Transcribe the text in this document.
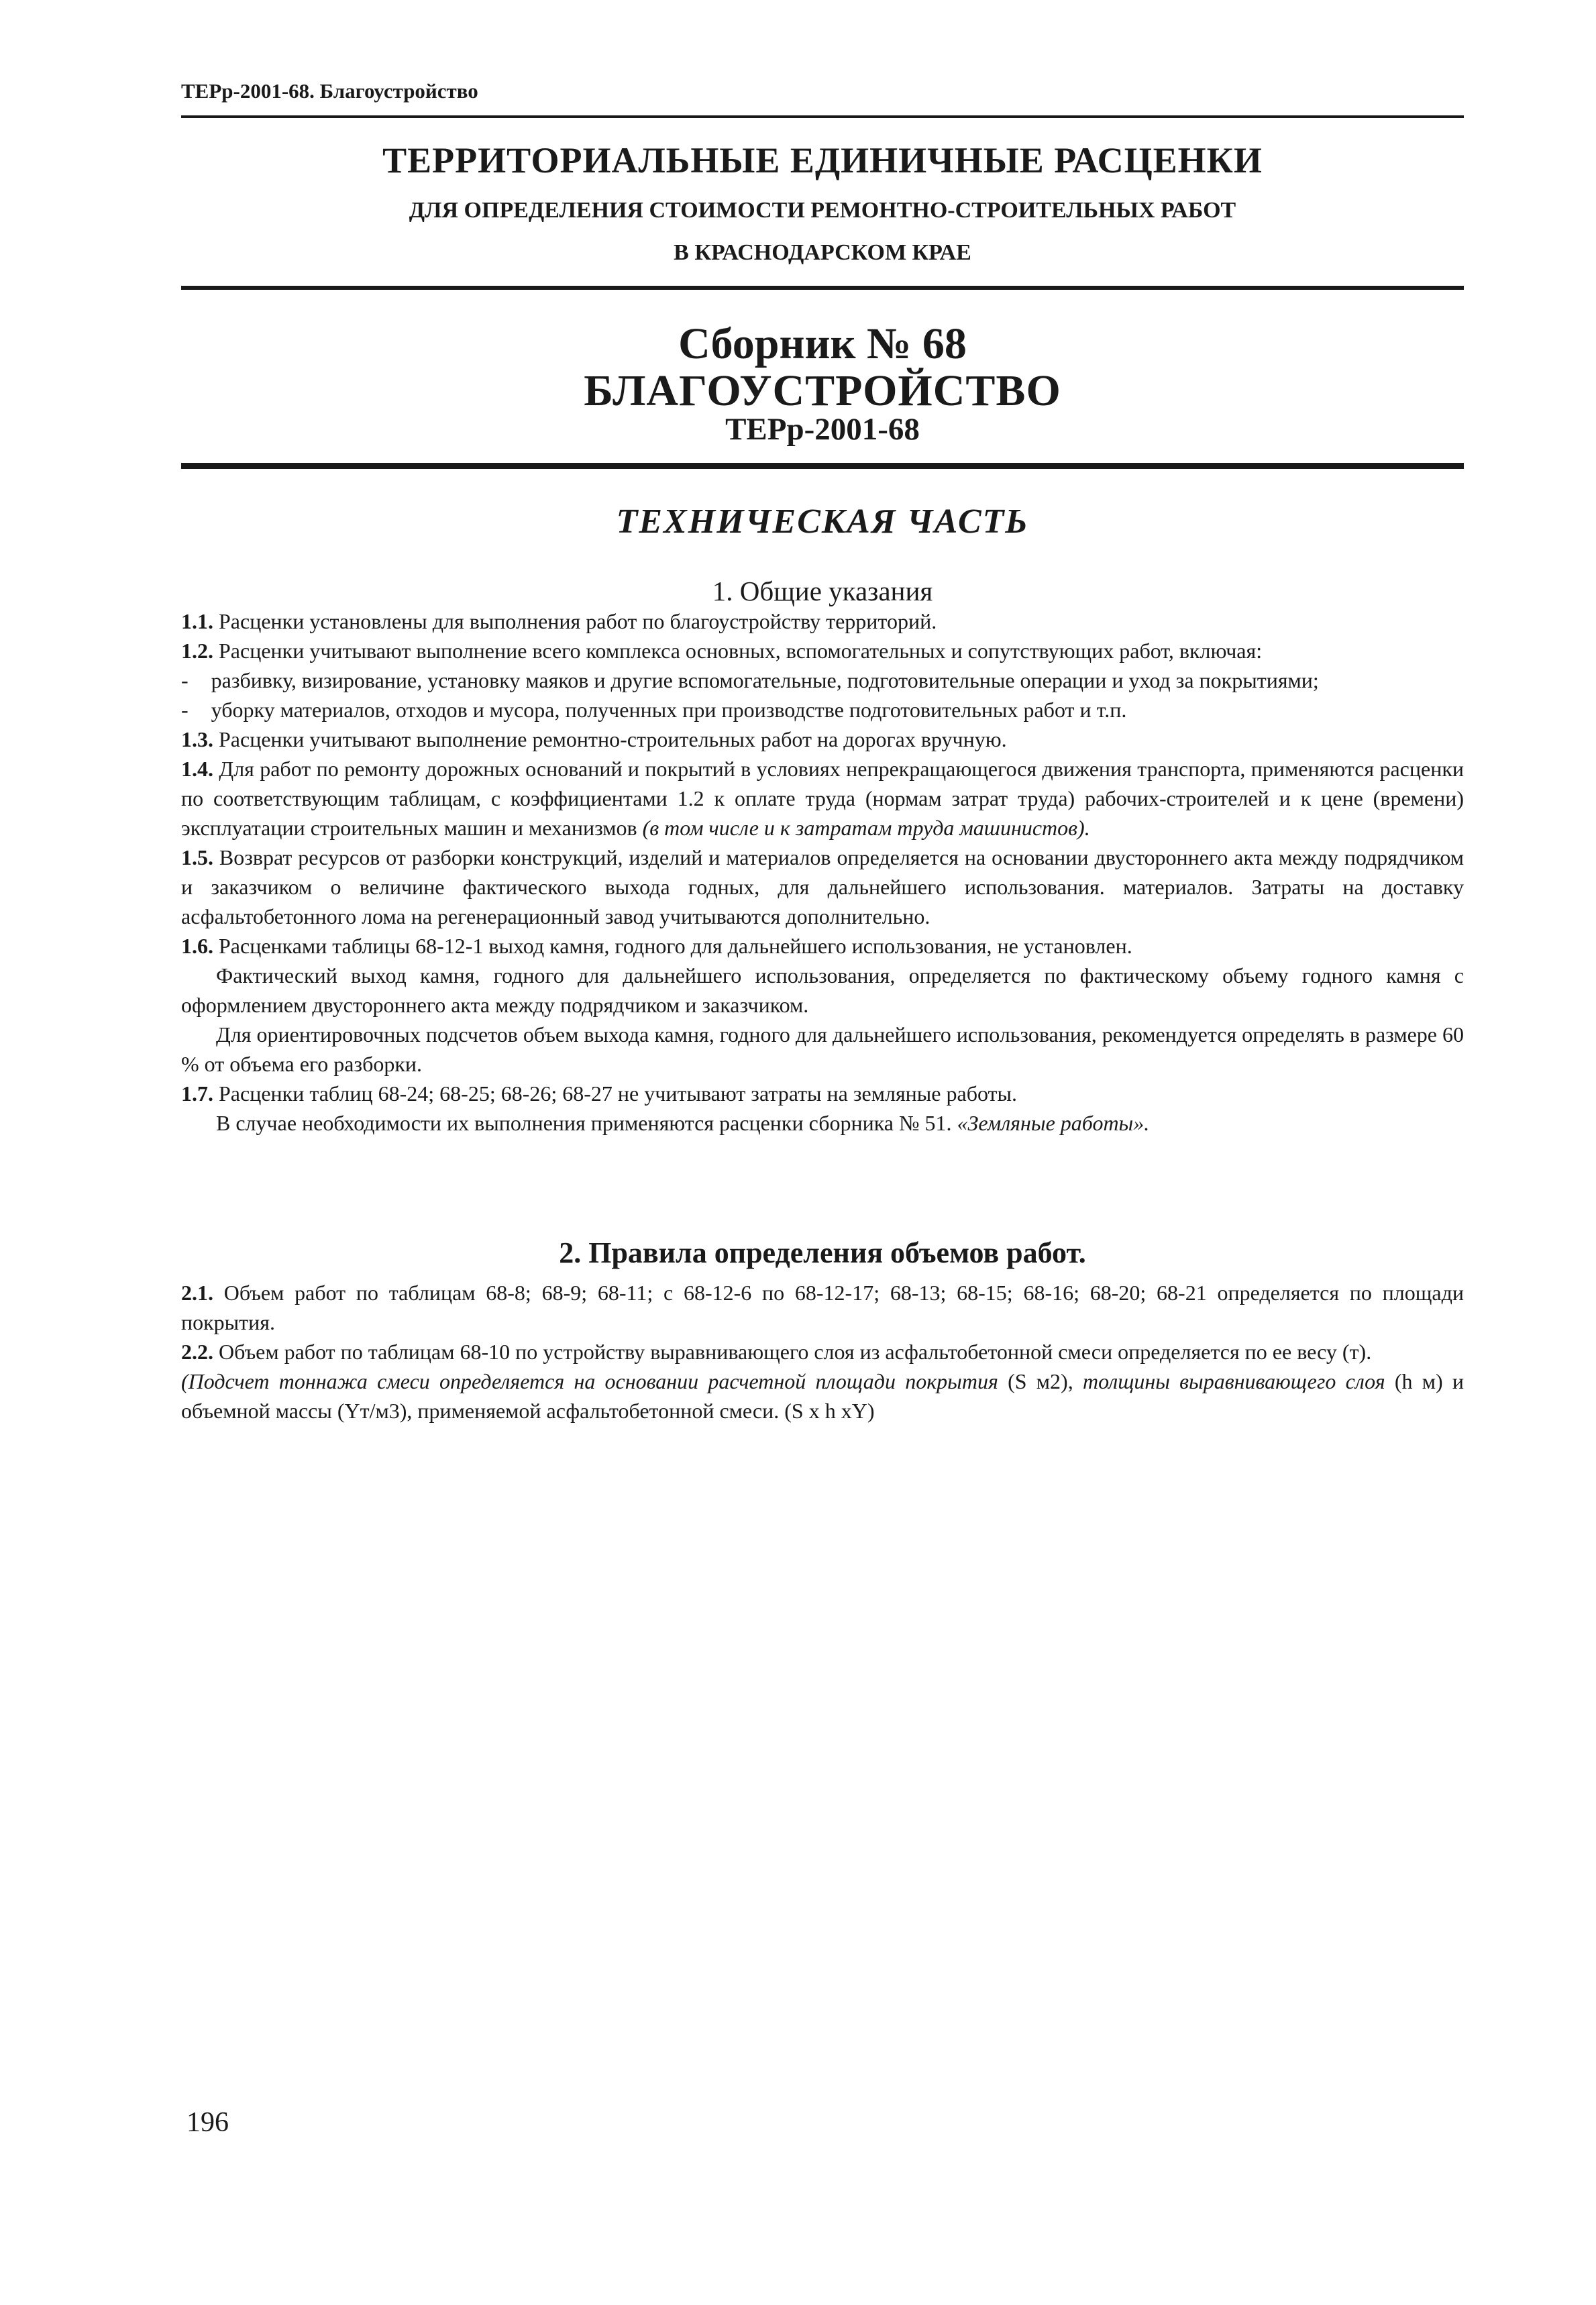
ТЕРр-2001-68. Благоустройство
ТЕРРИТОРИАЛЬНЫЕ ЕДИНИЧНЫЕ РАСЦЕНКИ
ДЛЯ ОПРЕДЕЛЕНИЯ СТОИМОСТИ РЕМОНТНО-СТРОИТЕЛЬНЫХ РАБОТ
В КРАСНОДАРСКОМ КРАЕ
Сборник № 68
БЛАГОУСТРОЙСТВО
ТЕРр-2001-68
ТЕХНИЧЕСКАЯ ЧАСТЬ
1. Общие указания

1.1. Расценки установлены для выполнения работ по благоустройству территорий.

1.2. Расценки учитывают выполнение всего комплекса основных, вспомогательных и сопутствующих работ, включая:

- разбивку, визирование, установку маяков и другие вспомогательные, подготовительные операции и уход за покрытиями;

- уборку материалов, отходов и мусора, полученных при производстве подготовительных работ и т.п.

1.3. Расценки учитывают выполнение ремонтно-строительных работ на дорогах вручную.

1.4. Для работ по ремонту дорожных оснований и покрытий в условиях непрекращающегося движения транспорта, применяются расценки по соответствующим таблицам, с коэффициентами 1.2 к оплате труда (нормам затрат труда) рабочих-строителей и к цене (времени) эксплуатации строительных машин и механизмов (в том числе и к затратам труда машинистов).

1.5. Возврат ресурсов от разборки конструкций, изделий и материалов определяется на основании двустороннего акта между подрядчиком и заказчиком о величине фактического выхода годных, для дальнейшего использования. материалов. Затраты на доставку асфальтобетонного лома на регенерационный завод учитываются дополнительно.

1.6. Расценками таблицы 68-12-1 выход камня, годного для дальнейшего использования, не установлен.

Фактический выход камня, годного для дальнейшего использования, определяется по фактическому объему годного камня с оформлением двустороннего акта между подрядчиком и заказчиком.

Для ориентировочных подсчетов объем выхода камня, годного для дальнейшего использования, рекомендуется определять в размере 60 % от объема его разборки.

1.7. Расценки таблиц 68-24; 68-25; 68-26; 68-27 не учитывают затраты на земляные работы.

В случае необходимости их выполнения применяются расценки сборника № 51. «Земляные работы».

2. Правила определения объемов работ.

2.1. Объем работ по таблицам 68-8; 68-9; 68-11; с 68-12-6 по 68-12-17; 68-13; 68-15; 68-16; 68-20; 68-21 определяется по площади покрытия.

2.2. Объем работ по таблицам 68-10 по устройству выравнивающего слоя из асфальтобетонной смеси определяется по ее весу (т).

(Подсчет тоннажа смеси определяется на основании расчетной площади покрытия (S м2), толщины выравнивающего слоя (h м) и объемной массы (Yт/м3), применяемой асфальтобетонной смеси. (S x h xY)

196
